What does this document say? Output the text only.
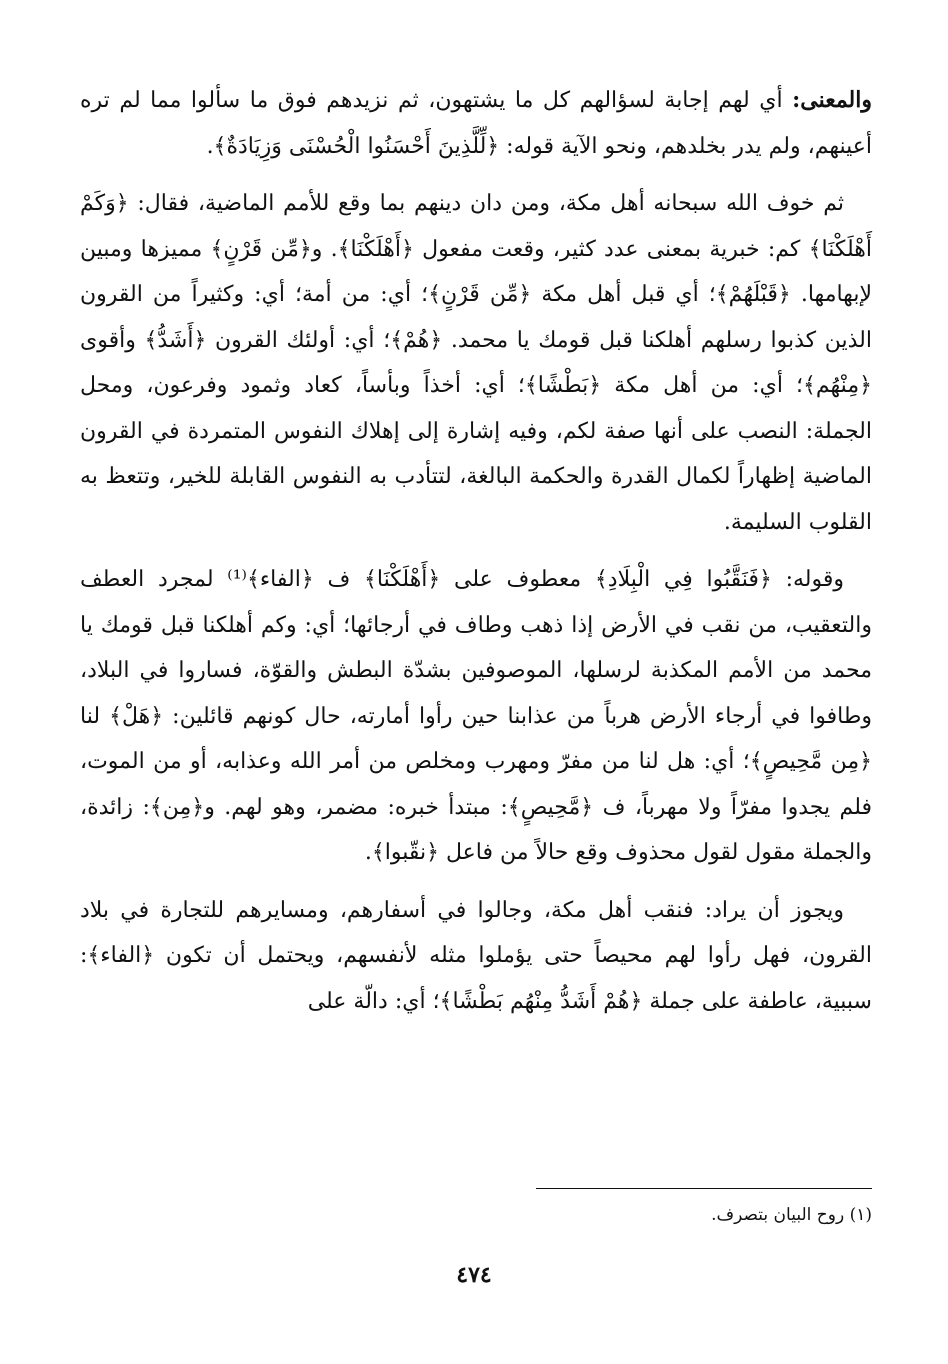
والمعنى: أي لهم إجابة لسؤالهم كل ما يشتهون، ثم نزيدهم فوق ما سألوا مما لم تره أعينهم، ولم يدر بخلدهم، ونحو الآية قوله: ﴿لِّلَّذِينَ أَحْسَنُوا الْحُسْنَى وَزِيَادَةٌ﴾.

ثم خوف الله سبحانه أهل مكة، ومن دان دينهم بما وقع للأمم الماضية، فقال: ﴿وَكَمْ أَهْلَكْنَا﴾ كم: خبرية بمعنى عدد كثير، وقعت مفعول ﴿أَهْلَكْنَا﴾. و﴿مِّن قَرْنٍ﴾ مميزها ومبين لإبهامها. ﴿قَبْلَهُمْ﴾؛ أي قبل أهل مكة ﴿مِّن قَرْنٍ﴾؛ أي: من أمة؛ أي: وكثيراً من القرون الذين كذبوا رسلهم أهلكنا قبل قومك يا محمد. ﴿هُمْ﴾؛ أي: أولئك القرون ﴿أَشَدُّ﴾ وأقوى ﴿مِنْهُم﴾؛ أي: من أهل مكة ﴿بَطْشًا﴾؛ أي: أخذاً وبأساً، كعاد وثمود وفرعون، ومحل الجملة: النصب على أنها صفة لكم، وفيه إشارة إلى إهلاك النفوس المتمردة في القرون الماضية إظهاراً لكمال القدرة والحكمة البالغة، لتتأدب به النفوس القابلة للخير، وتتعظ به القلوب السليمة.

وقوله: ﴿فَنَقَّبُوا فِي الْبِلَادِ﴾ معطوف على ﴿أَهْلَكْنَا﴾ ف ﴿الفاء﴾⁽¹⁾ لمجرد العطف والتعقيب، من نقب في الأرض إذا ذهب وطاف في أرجائها؛ أي: وكم أهلكنا قبل قومك يا محمد من الأمم المكذبة لرسلها، الموصوفين بشدّة البطش والقوّة، فساروا في البلاد، وطافوا في أرجاء الأرض هرباً من عذابنا حين رأوا أمارته، حال كونهم قائلين: ﴿هَلْ﴾ لنا ﴿مِن مَّحِيصٍ﴾؛ أي: هل لنا من مفرّ ومهرب ومخلص من أمر الله وعذابه، أو من الموت، فلم يجدوا مفرّاً ولا مهرباً، ف ﴿مَّحِيصٍ﴾: مبتدأ خبره: مضمر، وهو لهم. و﴿مِن﴾: زائدة، والجملة مقول لقول محذوف وقع حالاً من فاعل ﴿نقّبوا﴾.

ويجوز أن يراد: فنقب أهل مكة، وجالوا في أسفارهم، ومسايرهم للتجارة في بلاد القرون، فهل رأوا لهم محيصاً حتى يؤملوا مثله لأنفسهم، ويحتمل أن تكون ﴿الفاء﴾: سببية، عاطفة على جملة ﴿هُمْ أَشَدُّ مِنْهُم بَطْشًا﴾؛ أي: دالّة على

(١) روح البيان بتصرف.
٤٧٤
